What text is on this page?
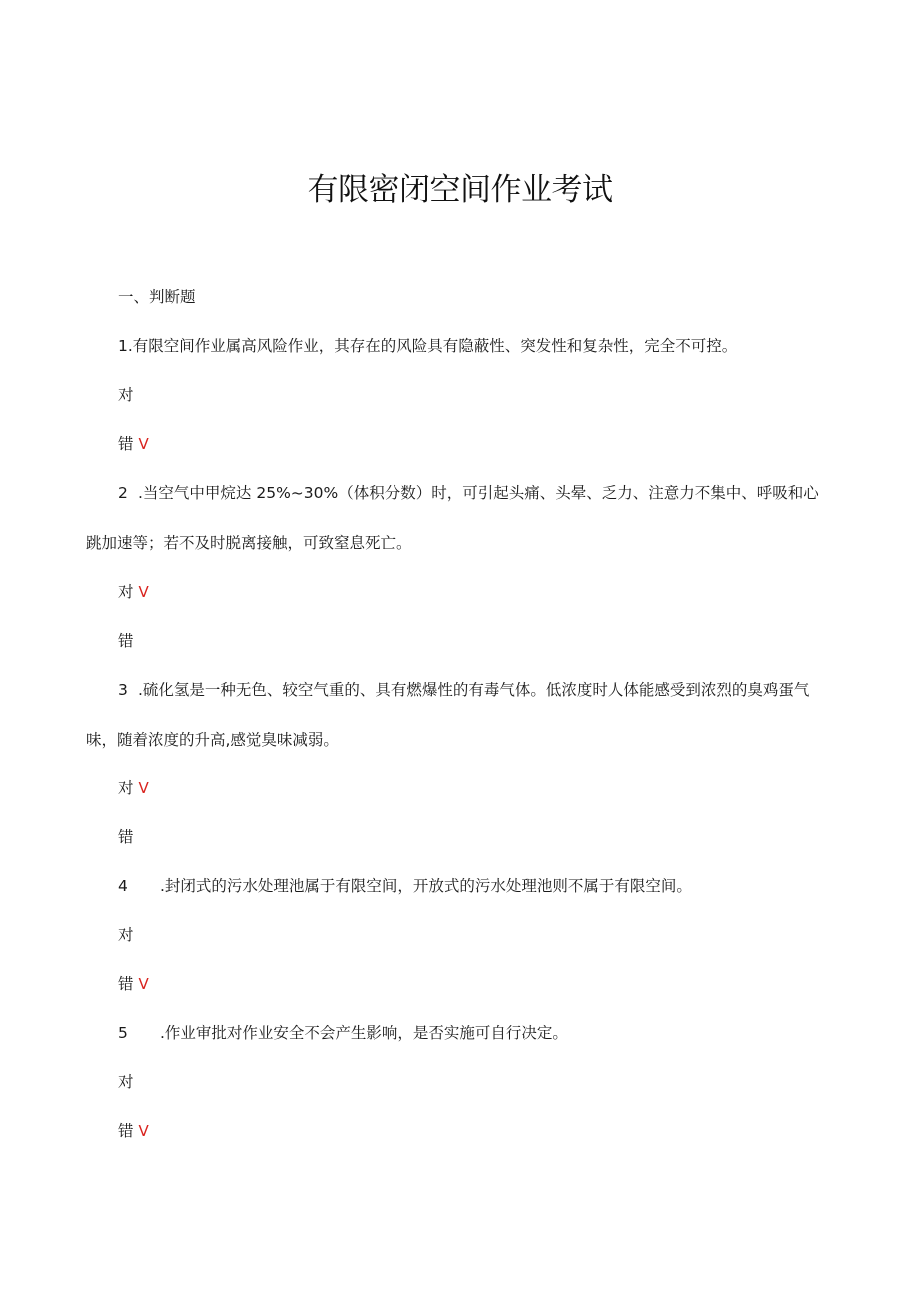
有限密闭空间作业考试
一、判断题
1.有限空间作业属高风险作业，其存在的风险具有隐蔽性、突发性和复杂性，完全不可控。
对
错 V
2 .当空气中甲烷达 25%~30%（体积分数）时，可引起头痛、头晕、乏力、注意力不集中、呼吸和心跳加速等；若不及时脱离接触，可致窒息死亡。
对 V
错
3 .硫化氢是一种无色、较空气重的、具有燃爆性的有毒气体。低浓度时人体能感受到浓烈的臭鸡蛋气味，随着浓度的升高,感觉臭味减弱。
对 V
错
4 .封闭式的污水处理池属于有限空间，开放式的污水处理池则不属于有限空间。
对
错 V
5 .作业审批对作业安全不会产生影响，是否实施可自行决定。
对
错 V
